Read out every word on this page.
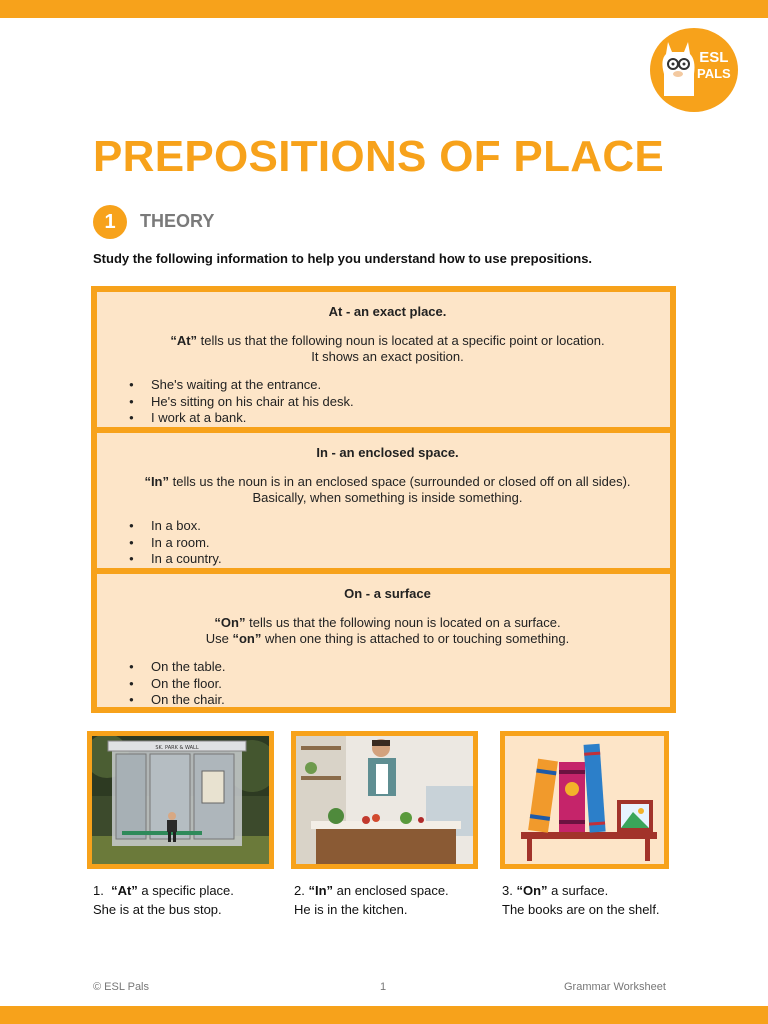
ESL
PALS
PREPOSITIONS OF PLACE
1	THEORY
Study the following information to help you understand how to use prepositions.
At - an exact place.
“At” tells us that the following noun is located at a specific point or location.
It shows an exact position.
● She's waiting at the entrance.
● He's sitting on his chair at his desk.
● I work at a bank.
In - an enclosed space.
“In” tells us the noun is in an enclosed space (surrounded or closed off on all sides).
Basically, when something is inside something.
● In a box.
● In a room.
● In a country.
On - a surface
“On” tells us that the following noun is located on a surface.
Use “on” when one thing is attached to or touching something.
● On the table.
● On the floor.
● On the chair.
SK. PARK & WALL
1. “At” a specific place.
She is at the bus stop.
2. “In” an enclosed space.
He is in the kitchen.
3. “On” a surface.
The books are on the shelf.
© ESL Pals	1	Grammar Worksheet
